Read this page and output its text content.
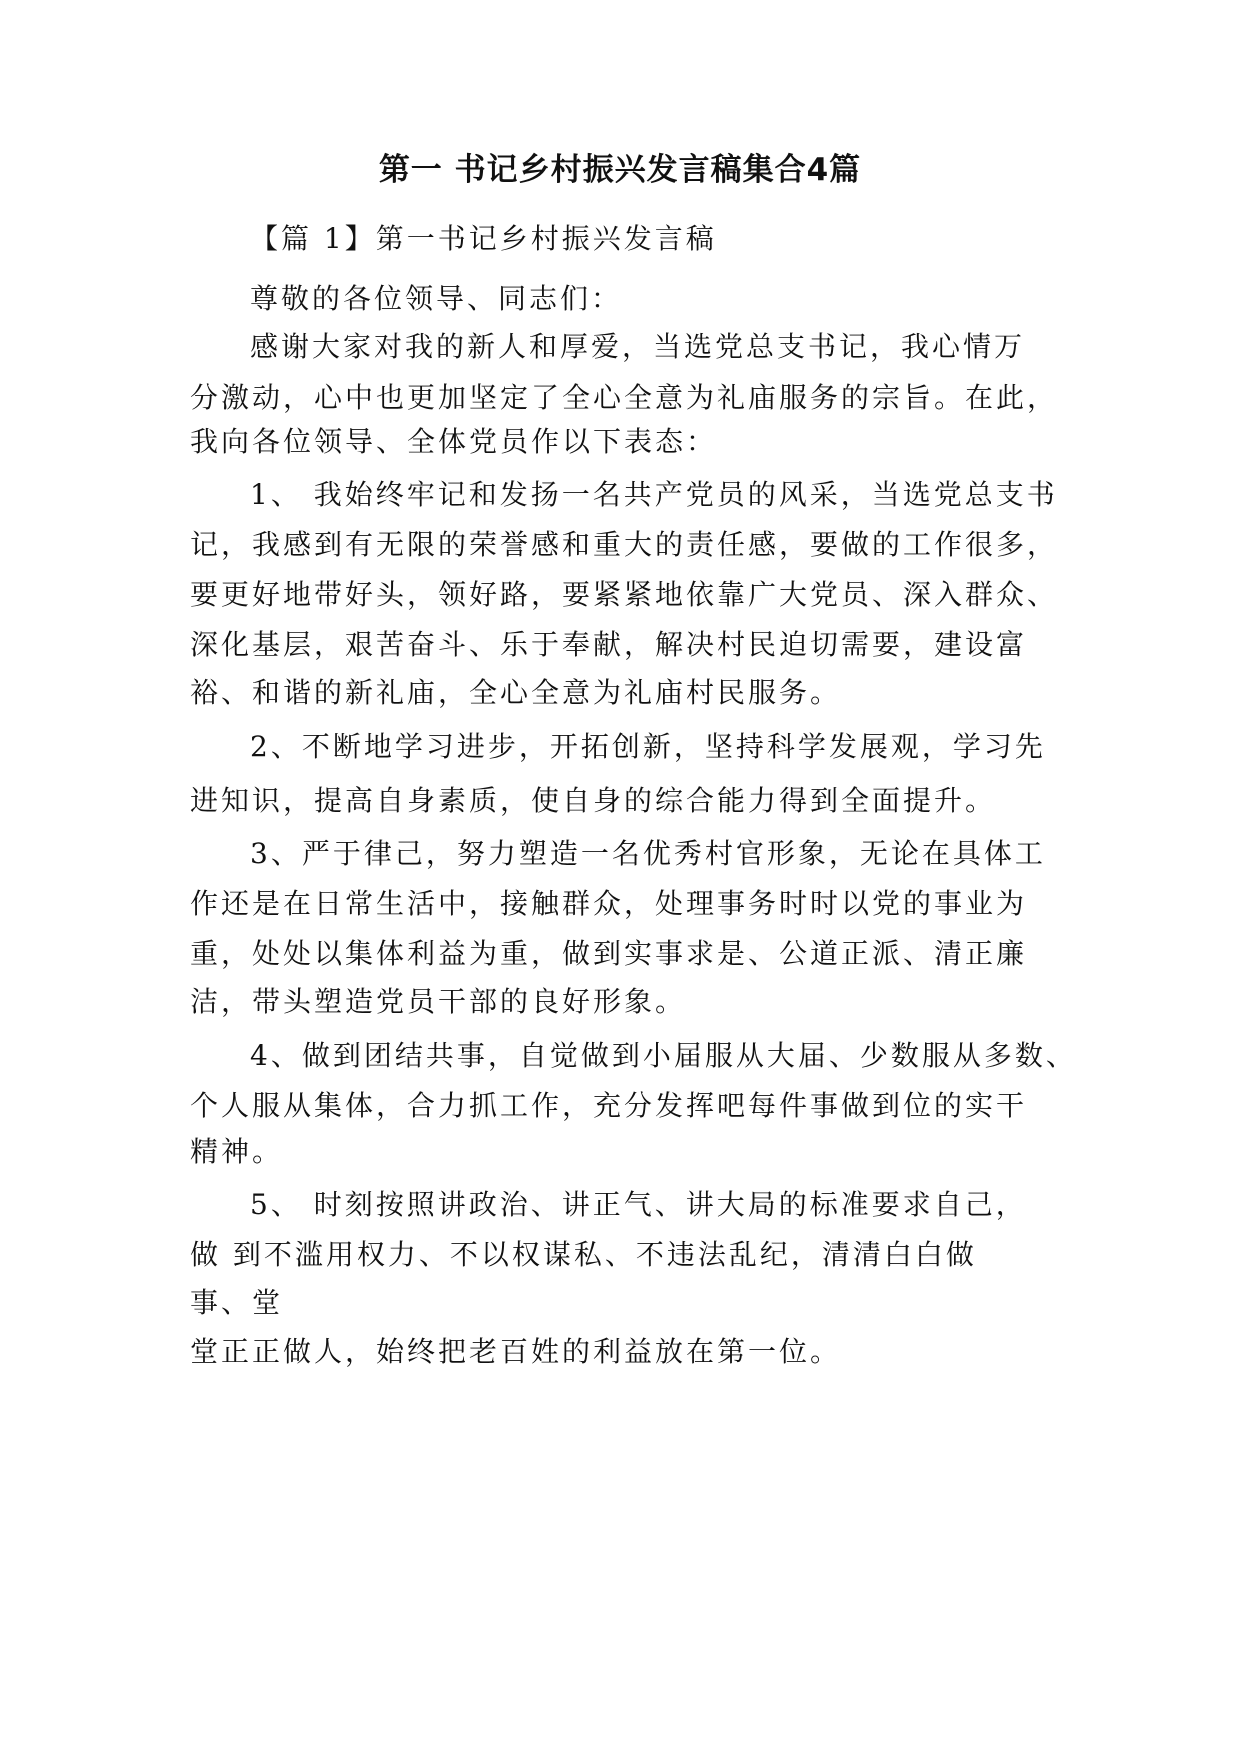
第一 书记乡村振兴发言稿集合4篇
【篇 1】第一书记乡村振兴发言稿
尊敬的各位领导、同志们：
感谢大家对我的新人和厚爱，当选党总支书记，我心情万
分激动，心中也更加坚定了全心全意为礼庙服务的宗旨。在此，
我向各位领导、全体党员作以下表态：
1、 我始终牢记和发扬一名共产党员的风采，当选党总支书
记，我感到有无限的荣誉感和重大的责任感，要做的工作很多，
要更好地带好头，领好路，要紧紧地依靠广大党员、深入群众、
深化基层，艰苦奋斗、乐于奉献，解决村民迫切需要，建设富
裕、和谐的新礼庙，全心全意为礼庙村民服务。
2、不断地学习进步，开拓创新，坚持科学发展观，学习先
进知识，提高自身素质，使自身的综合能力得到全面提升。
3、严于律己，努力塑造一名优秀村官形象，无论在具体工
作还是在日常生活中，接触群众，处理事务时时以党的事业为
重，处处以集体利益为重，做到实事求是、公道正派、清正廉
洁，带头塑造党员干部的良好形象。
4、做到团结共事，自觉做到小届服从大届、少数服从多数、
个人服从集体，合力抓工作，充分发挥吧每件事做到位的实干
精神。
5、 时刻按照讲政治、讲正气、讲大局的标准要求自己，
做 到不滥用权力、不以权谋私、不违法乱纪，清清白白做
事、堂
堂正正做人，始终把老百姓的利益放在第一位。
